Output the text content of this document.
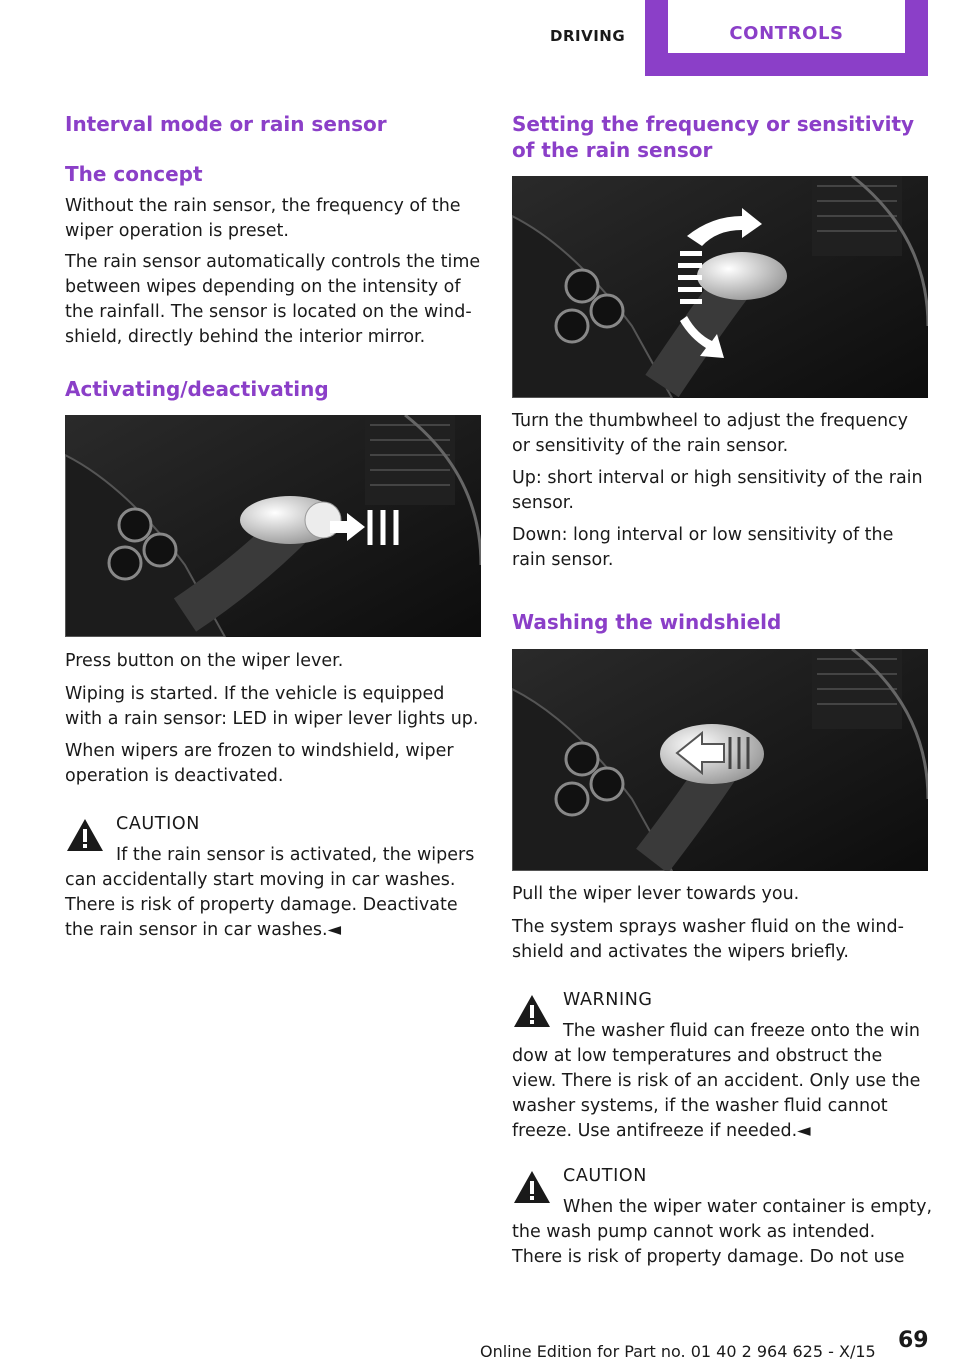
DRIVING	CONTROLS
Interval mode or rain sensor
The concept

Without the rain sensor, the frequency of the wiper operation is preset.

The rain sensor automatically controls the time between wipes depending on the intensity of the rainfall. The sensor is located on the windshield, directly behind the interior mirror.

Activating/deactivating

Press button on the wiper lever.

Wiping is started. If the vehicle is equipped with a rain sensor: LED in wiper lever lights up.

When wipers are frozen to windshield, wiper operation is deactivated.

CAUTION

If the rain sensor is activated, the wipers

can accidentally start moving in car washes. There is risk of property damage. Deactivate the rain sensor in car washes.◄

Setting the frequency or sensitivity of the rain sensor

Turn the thumbwheel to adjust the frequency or sensitivity of the rain sensor.

Up: short interval or high sensitivity of the rain sensor.

Down: long interval or low sensitivity of the rain sensor.

Washing the windshield

Pull the wiper lever towards you.

The system sprays washer fluid on the windshield and activates the wipers briefly.

WARNING

The washer fluid can freeze onto the win

dow at low temperatures and obstruct the view. There is risk of an accident. Only use the washer systems, if the washer fluid cannot freeze. Use antifreeze if needed.◄

CAUTION

When the wiper water container is empty,

the wash pump cannot work as intended. There is risk of property damage. Do not use

69
Online Edition for Part no. 01 40 2 964 625 - X/15
